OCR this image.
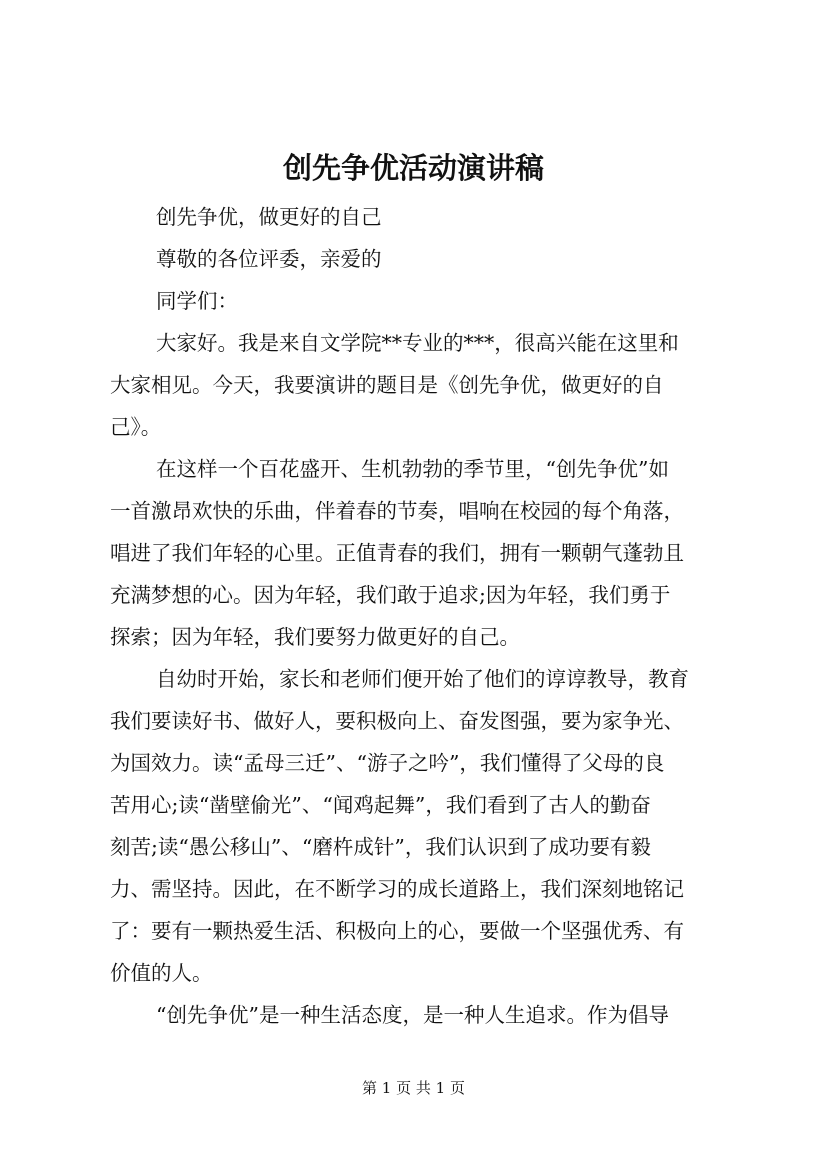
创先争优活动演讲稿
创先争优，做更好的自己
尊敬的各位评委，亲爱的
同学们：
大家好。我是来自文学院**专业的***，很高兴能在这里和
大家相见。今天，我要演讲的题目是《创先争优，做更好的自
己》。
在这样一个百花盛开、生机勃勃的季节里，“创先争优”如
一首激昂欢快的乐曲，伴着春的节奏，唱响在校园的每个角落，
唱进了我们年轻的心里。正值青春的我们，拥有一颗朝气蓬勃且
充满梦想的心。因为年轻，我们敢于追求;因为年轻，我们勇于
探索；因为年轻，我们要努力做更好的自己。
自幼时开始，家长和老师们便开始了他们的谆谆教导，教育
我们要读好书、做好人，要积极向上、奋发图强，要为家争光、
为国效力。读“孟母三迁”、“游子之吟”，我们懂得了父母的良
苦用心;读“凿壁偷光”、“闻鸡起舞”，我们看到了古人的勤奋
刻苦;读“愚公移山”、“磨杵成针”，我们认识到了成功要有毅
力、需坚持。因此，在不断学习的成长道路上，我们深刻地铭记
了：要有一颗热爱生活、积极向上的心，要做一个坚强优秀、有
价值的人。
“创先争优”是一种生活态度，是一种人生追求。作为倡导
第 1 页 共 1 页
